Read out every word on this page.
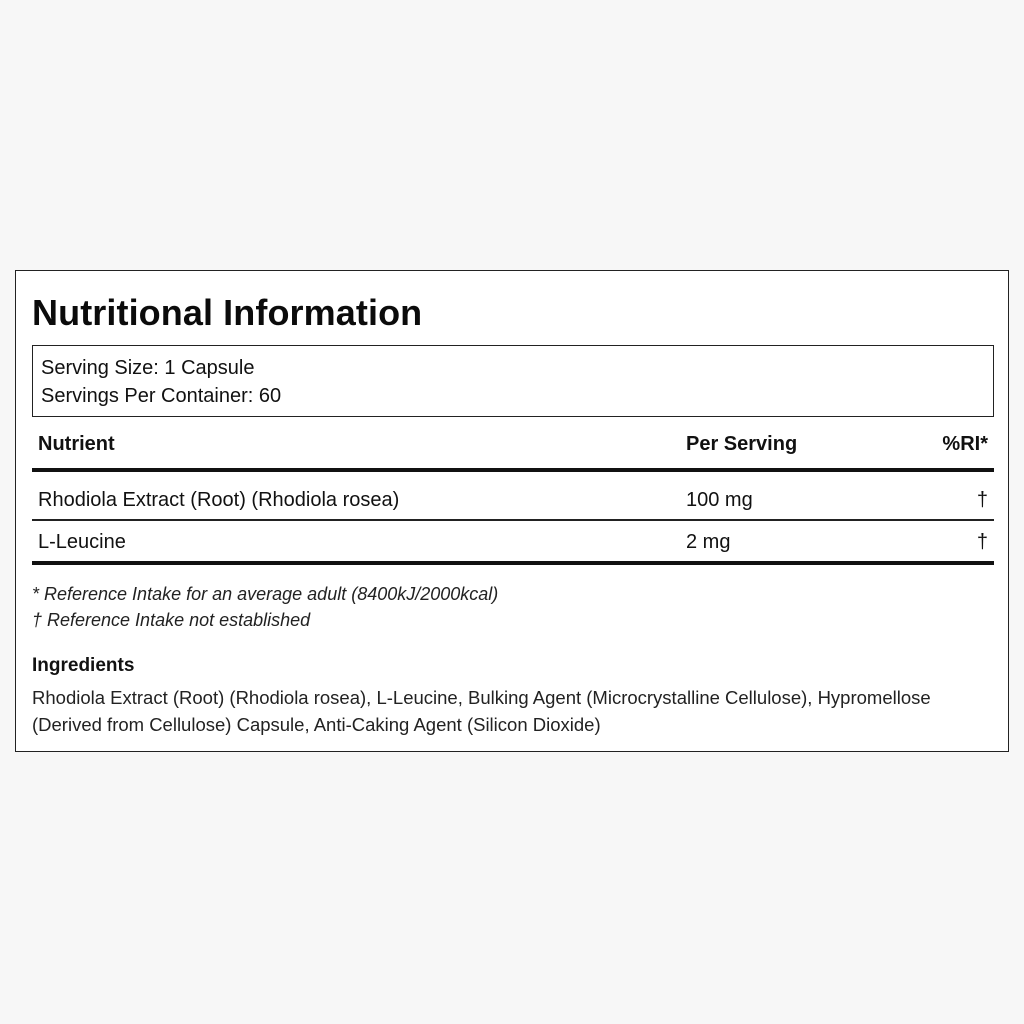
Nutritional Information
Serving Size: 1 Capsule
Servings Per Container: 60
Nutrient	Per Serving	%RI*
Rhodiola Extract (Root) (Rhodiola rosea)	100 mg	†
L-Leucine	2 mg	†
* Reference Intake for an average adult (8400kJ/2000kcal)
† Reference Intake not established
Ingredients
Rhodiola Extract (Root) (Rhodiola rosea), L-Leucine, Bulking Agent (Microcrystalline Cellulose), Hypromellose (Derived from Cellulose) Capsule, Anti-Caking Agent (Silicon Dioxide)
